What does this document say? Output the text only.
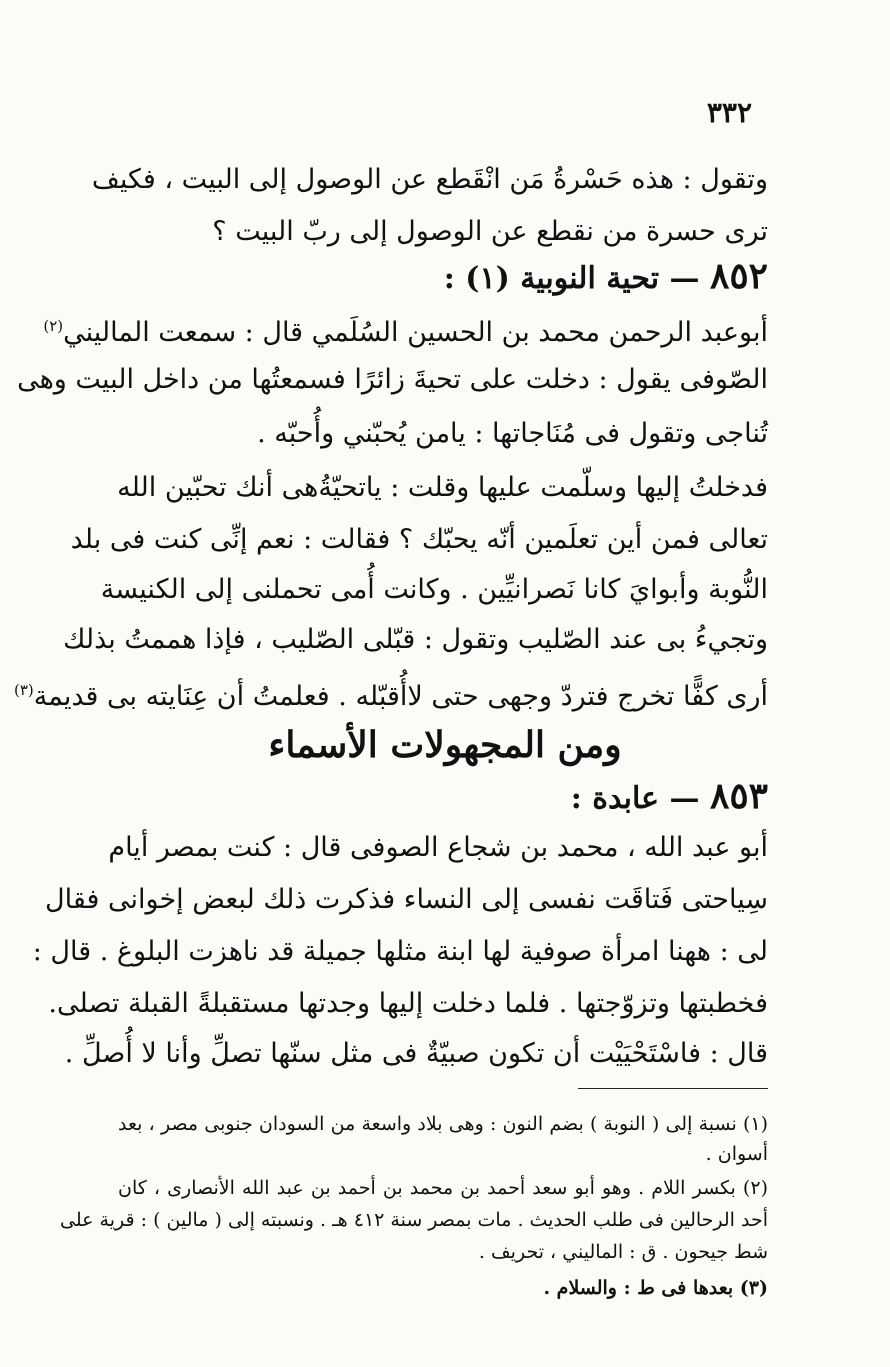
٣٣٢
وتقول : هذه حَسْرةُ مَن انْقَطع عن الوصول إلى البيت ، فكيف
ترى حسرة من نقطع عن الوصول إلى ربّ البيت ؟
٨٥٢ — تحية النوبية (١) :
أبوعبد الرحمن محمد بن الحسين السُلَمي قال : سمعت الماليني$^{(٢)}$
الصّوفى يقول : دخلت على تحيةَ زائرًا فسمعتُها من داخل البيت وهى
تُناجى وتقول فى مُنَاجاتها : يامن يُحبّني وأُحبّه .
فدخلتُ إليها وسلّمت عليها وقلت : ياتحيّةُهى أنك تحبّين الله
تعالى فمن أين تعلَمين أنّه يحبّك ؟ فقالت : نعم إنِّى كنت فى بلد
النُّوبة وأبوايَ كانا نَصرانيِّين . وكانت أُمى تحملنى إلى الكنيسة
وتجيءُ بى عند الصّليب وتقول : قبّلى الصّليب ، فإذا هممتُ بذلك
أرى كفًّا تخرج فتردّ وجهى حتى لاأُقبّله . فعلمتُ أن عِنَايته بى قديمة$^{(٣)}$
ومن المجهولات الأسماء
٨٥٣ — عابدة :
أبو عبد الله ، محمد بن شجاع الصوفى قال : كنت بمصر أيام
سِياحتى فَتاقَت نفسى إلى النساء فذكرت ذلك لبعض إخوانى فقال
لى : ههنا امرأة صوفية لها ابنة مثلها جميلة قد ناهزت البلوغ . قال :
فخطبتها وتزوّجتها . فلما دخلت إليها وجدتها مستقبلةً القبلة تصلى.
قال : فاسْتَحْيَيْت أن تكون صبيّةٌ فى مثل سنّها تصلِّ وأنا لا أُصلِّ .
(١) نسبة إلى ( النوبة ) بضم النون : وهى بلاد واسعة من السودان جنوبى مصر ، بعد
أسوان .
(٢) بكسر اللام . وهو أبو سعد أحمد بن محمد بن أحمد بن عبد الله الأنصارى ، كان
أحد الرحالين فى طلب الحديث . مات بمصر سنة ٤١٢ هـ . ونسبته إلى ( مالين ) : قرية على
شط جيحون . ق : الماليني ، تحريف .
(٣) بعدها فى ط : والسلام .
